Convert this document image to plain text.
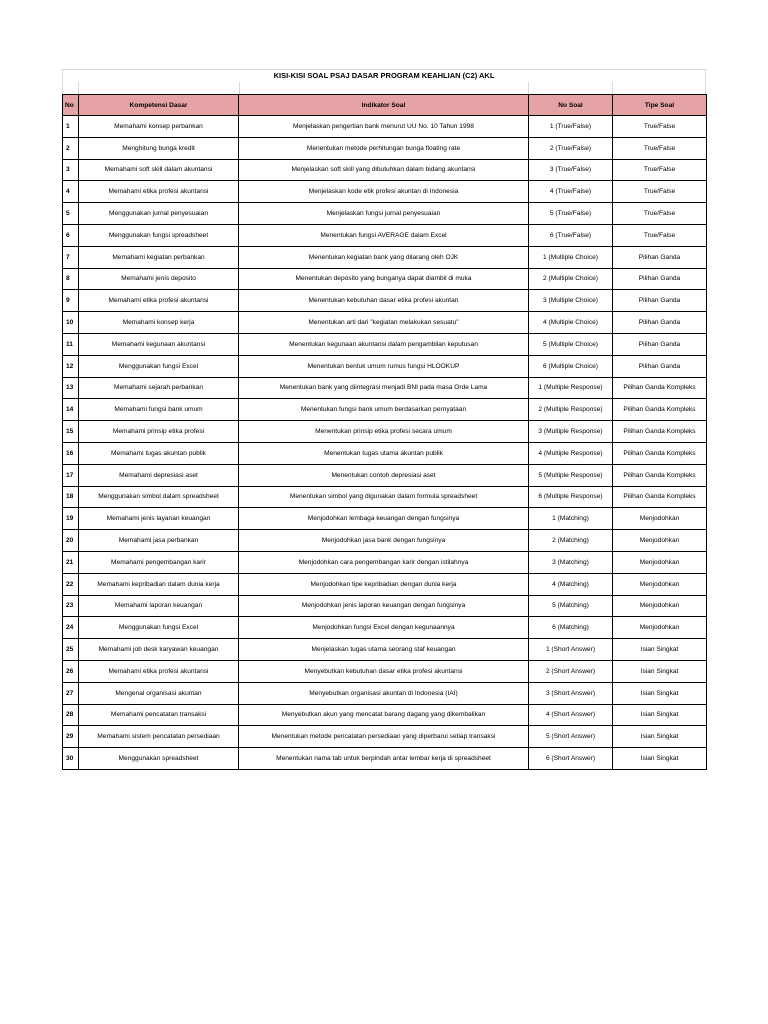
KISI-KISI SOAL PSAJ DASAR PROGRAM KEAHLIAN (C2) AKL
No	Kompetensi Dasar	Indikator Soal	No Soal	Tipe Soal
1	Memahami konsep perbankan	Menjelaskan pengertian bank menurut UU No. 10 Tahun 1998	1 (True/False)	True/False
2	Menghitung bunga kredit	Menentukan metode perhitungan bunga floating rate	2 (True/False)	True/False
3	Memahami soft skill dalam akuntansi	Menjelaskan soft skill yang dibutuhkan dalam bidang akuntansi	3 (True/False)	True/False
4	Memahami etika profesi akuntansi	Menjelaskan kode etik profesi akuntan di Indonesia	4 (True/False)	True/False
5	Menggunakan jurnal penyesuaian	Menjelaskan fungsi jurnal penyesuaian	5 (True/False)	True/False
6	Menggunakan fungsi spreadsheet	Menentukan fungsi AVERAGE dalam Excel	6 (True/False)	True/False
7	Memahami kegiatan perbankan	Menentukan kegiatan bank yang dilarang oleh OJK	1 (Multiple Choice)	Pilihan Ganda
8	Memahami jenis deposito	Menentukan deposito yang bunganya dapat diambil di muka	2 (Multiple Choice)	Pilihan Ganda
9	Memahami etika profesi akuntansi	Menentukan kebutuhan dasar etika profesi akuntan	3 (Multiple Choice)	Pilihan Ganda
10	Memahami konsep kerja	Menentukan arti dari "kegiatan melakukan sesuatu"	4 (Multiple Choice)	Pilihan Ganda
11	Memahami kegunaan akuntansi	Menentukan kegunaan akuntansi dalam pengambilan keputusan	5 (Multiple Choice)	Pilihan Ganda
12	Menggunakan fungsi Excel	Menentukan bentuk umum rumus fungsi HLOOKUP	6 (Multiple Choice)	Pilihan Ganda
13	Memahami sejarah perbankan	Menentukan bank yang diintegrasi menjadi BNI pada masa Orde Lama	1 (Multiple Response)	Pilihan Ganda Kompleks
14	Memahami fungsi bank umum	Menentukan fungsi bank umum berdasarkan pernyataan	2 (Multiple Response)	Pilihan Ganda Kompleks
15	Memahami prinsip etika profesi	Menentukan prinsip etika profesi secara umum	3 (Multiple Response)	Pilihan Ganda Kompleks
16	Memahami tugas akuntan publik	Menentukan tugas utama akuntan publik	4 (Multiple Response)	Pilihan Ganda Kompleks
17	Memahami depresiasi aset	Menentukan contoh depresiasi aset	5 (Multiple Response)	Pilihan Ganda Kompleks
18	Menggunakan simbol dalam spreadsheet	Menentukan simbol yang digunakan dalam formula spreadsheet	6 (Multiple Response)	Pilihan Ganda Kompleks
19	Memahami jenis layanan keuangan	Menjodohkan lembaga keuangan dengan fungsinya	1 (Matching)	Menjodohkan
20	Memahami jasa perbankan	Menjodohkan jasa bank dengan fungsinya	2 (Matching)	Menjodohkan
21	Memahami pengembangan karir	Menjodohkan cara pengembangan karir dengan istilahnya	3 (Matching)	Menjodohkan
22	Memahami kepribadian dalam dunia kerja	Menjodohkan tipe kepribadian dengan dunia kerja	4 (Matching)	Menjodohkan
23	Memahami laporan keuangan	Menjodohkan jenis laporan keuangan dengan fungsinya	5 (Matching)	Menjodohkan
24	Menggunakan fungsi Excel	Menjodohkan fungsi Excel dengan kegunaannya	6 (Matching)	Menjodohkan
25	Memahami job desk karyawan keuangan	Menjelaskan tugas utama seorang staf keuangan	1 (Short Answer)	Isian Singkat
26	Memahami etika profesi akuntansi	Menyebutkan kebutuhan dasar etika profesi akuntansi	2 (Short Answer)	Isian Singkat
27	Mengenal organisasi akuntan	Menyebutkan organisasi akuntan di Indonesia (IAI)	3 (Short Answer)	Isian Singkat
28	Memahami pencatatan transaksi	Menyebutkan akun yang mencatat barang dagang yang dikembalikan	4 (Short Answer)	Isian Singkat
29	Memahami sistem pencatatan persediaan	Menentukan metode pencatatan persediaan yang diperbarui setiap transaksi	5 (Short Answer)	Isian Singkat
30	Menggunakan spreadsheet	Menentukan nama tab untuk berpindah antar lembar kerja di spreadsheet	6 (Short Answer)	Isian Singkat
